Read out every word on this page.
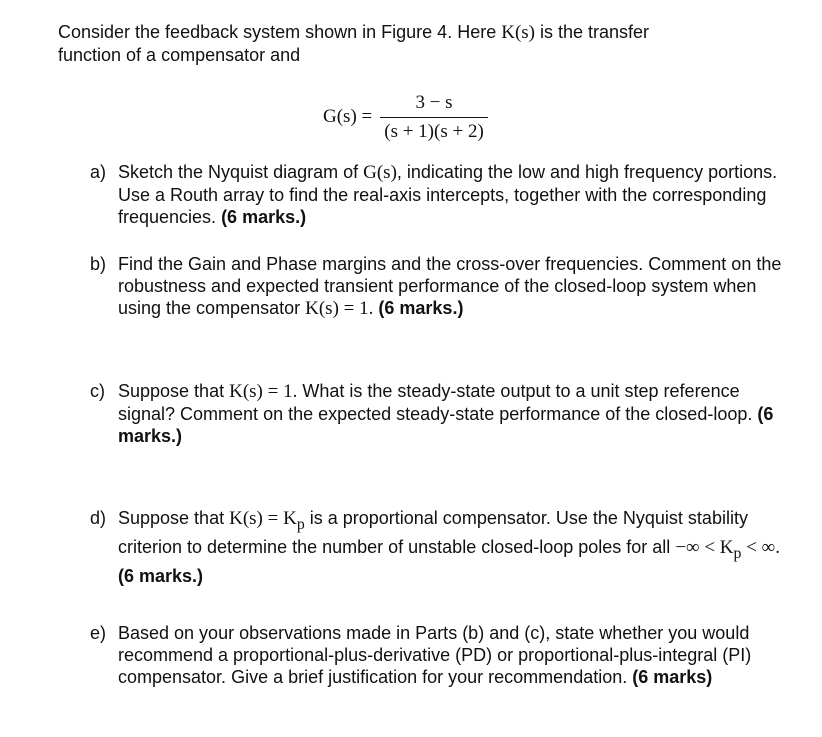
Consider the feedback system shown in Figure 4. Here K(s) is the transfer
function of a compensator and
$G(s) = \frac{3 - s}{(s + 1)(s + 2)}$
a) Sketch the Nyquist diagram of G(s), indicating the low and high frequency portions. Use a Routh array to find the real-axis intercepts, together with the corresponding frequencies. (6 marks.)
b) Find the Gain and Phase margins and the cross-over frequencies. Comment on the robustness and expected transient performance of the closed-loop system when using the compensator K(s) = 1. (6 marks.)
c) Suppose that K(s) = 1. What is the steady-state output to a unit step reference signal? Comment on the expected steady-state performance of the closed-loop. (6 marks.)
d) Suppose that $K(s) = K_p$ is a proportional compensator. Use the Nyquist stability criterion to determine the number of unstable closed-loop poles for all −∞ < $K_p$ < ∞. (6 marks.)
e) Based on your observations made in Parts (b) and (c), state whether you would recommend a proportional-plus-derivative (PD) or proportional-plus-integral (PI) compensator. Give a brief justification for your recommendation. (6 marks)
